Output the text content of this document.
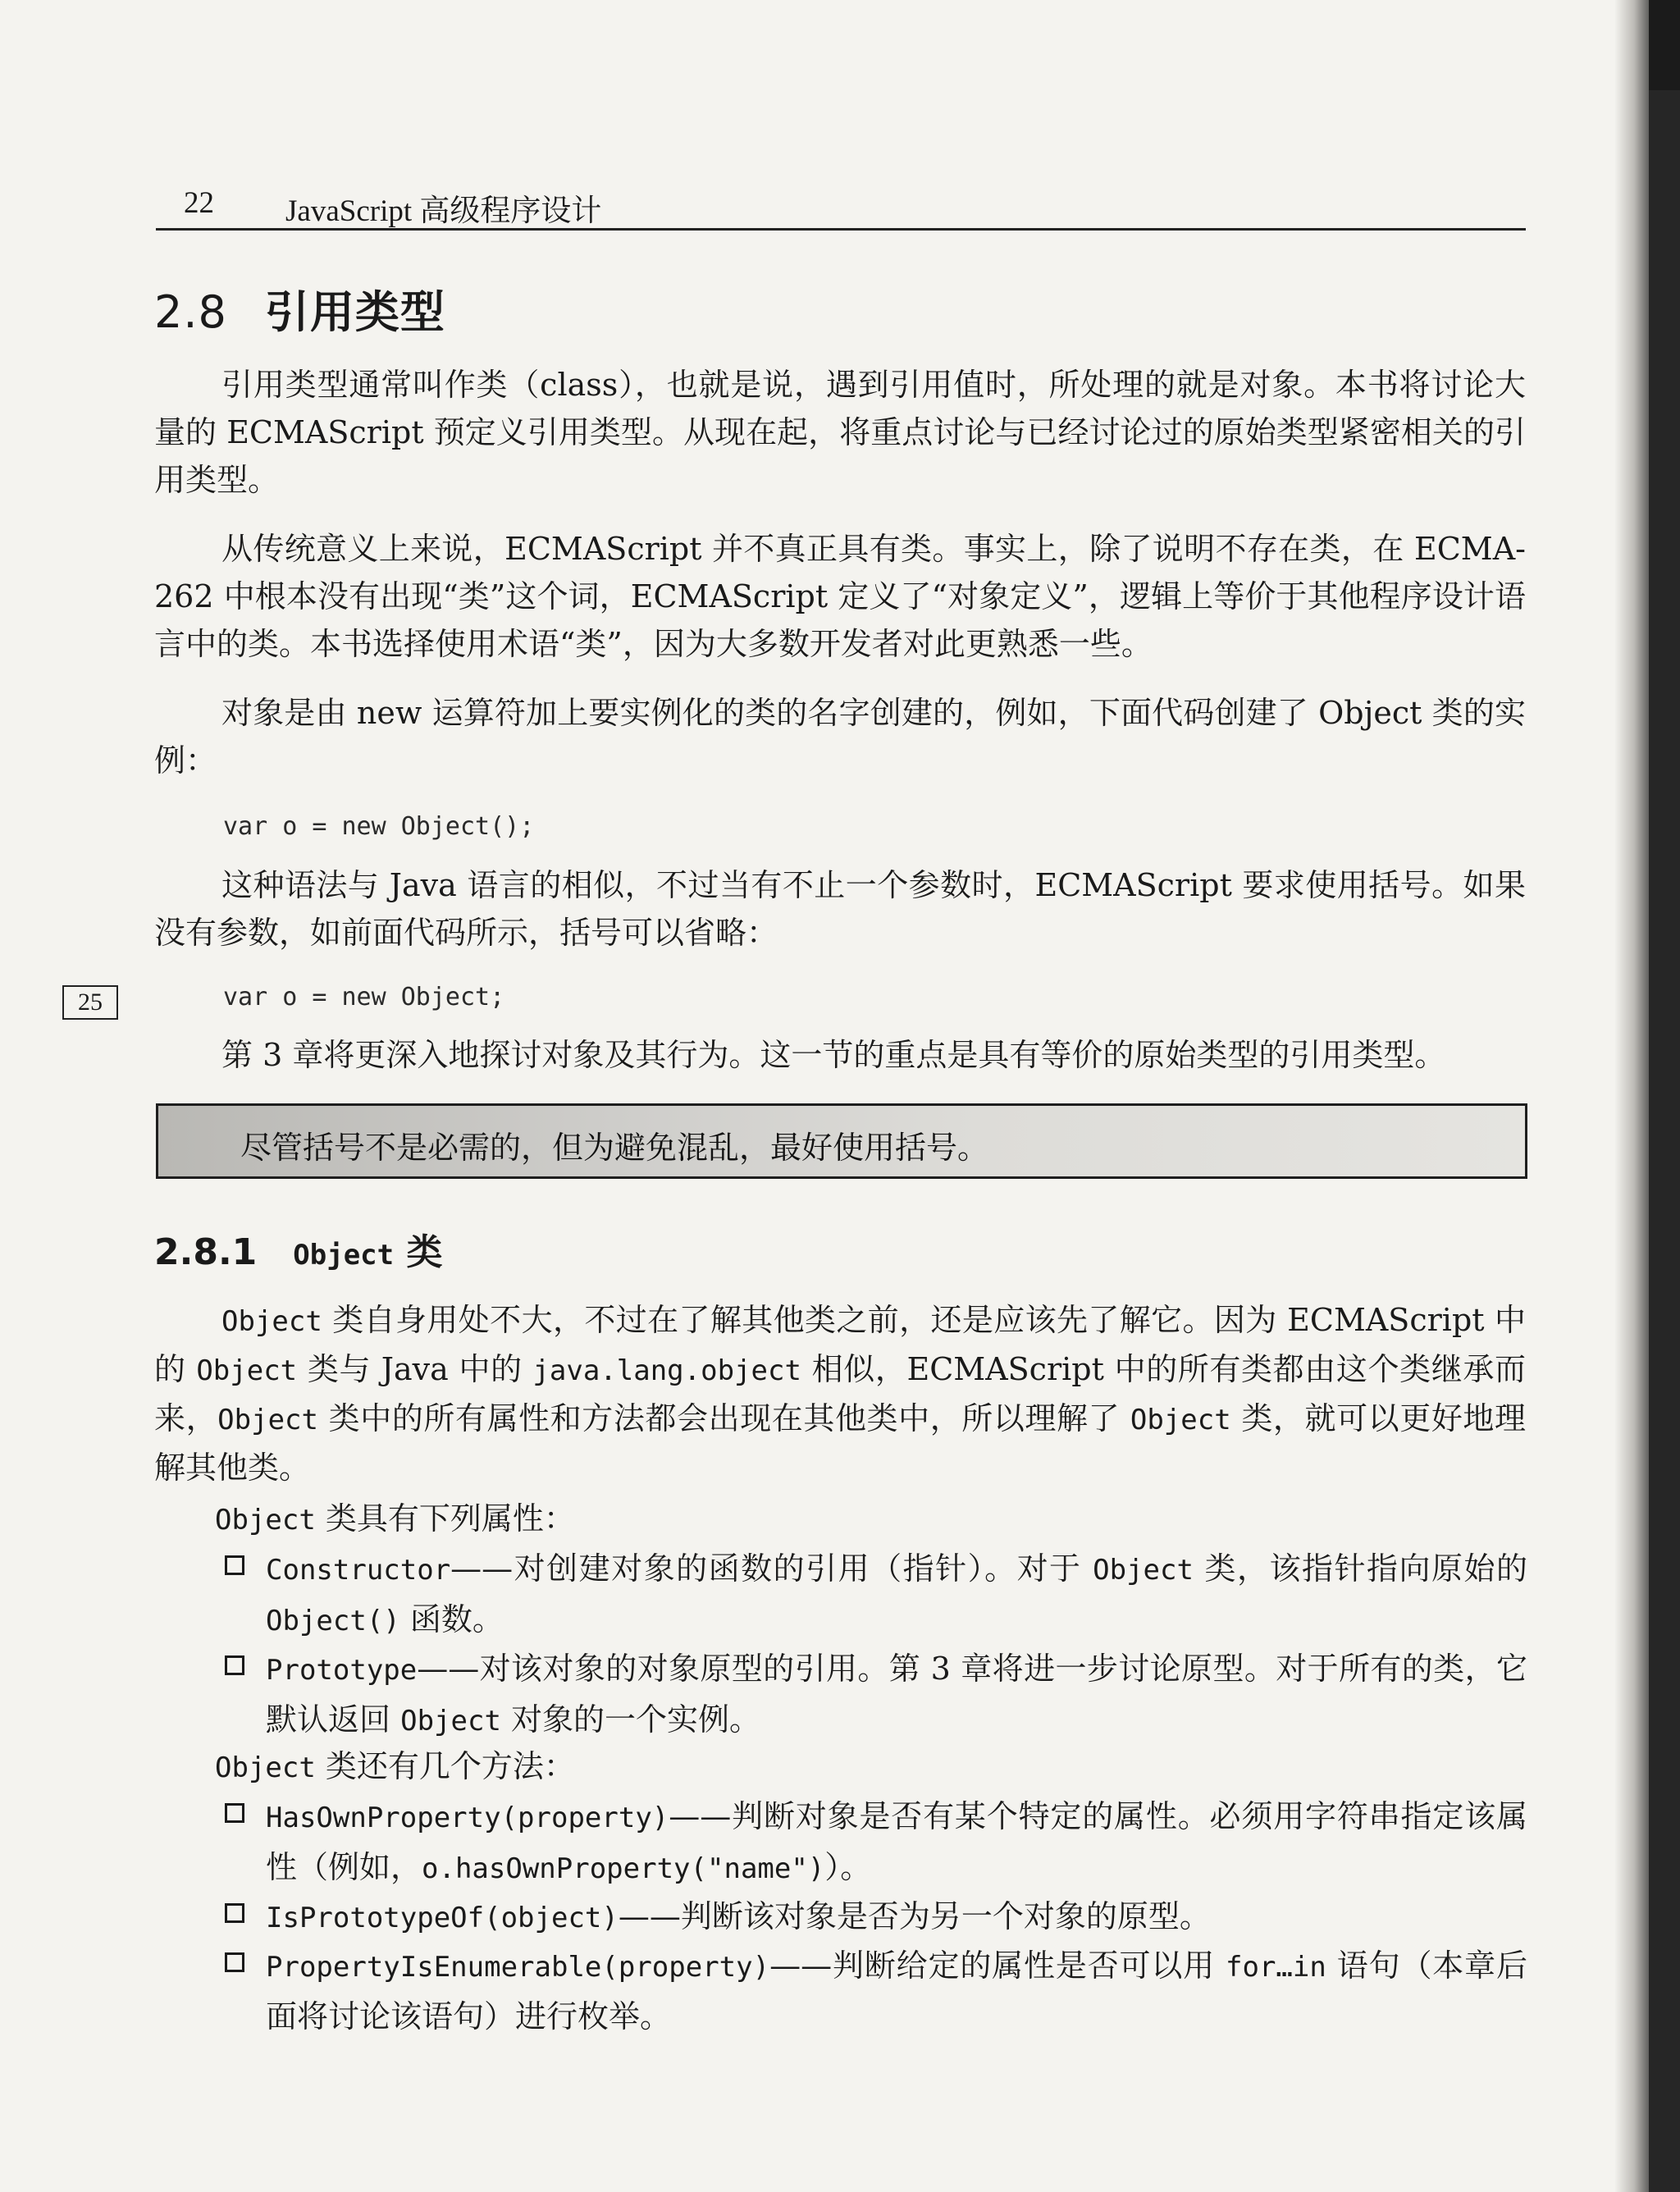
22 JavaScript 高级程序设计
2.8 引用类型

引用类型通常叫作类（class），也就是说，遇到引用值时，所处理的就是对象。本书将讨论大量的 ECMAScript 预定义引用类型。从现在起，将重点讨论与已经讨论过的原始类型紧密相关的引用类型。

从传统意义上来说，ECMAScript 并不真正具有类。事实上，除了说明不存在类，在 ECMA-262 中根本没有出现“类”这个词，ECMAScript 定义了“对象定义”，逻辑上等价于其他程序设计语言中的类。本书选择使用术语“类”，因为大多数开发者对此更熟悉一些。

对象是由 new 运算符加上要实例化的类的名字创建的，例如，下面代码创建了 Object 类的实例：

var o = new Object();

这种语法与 Java 语言的相似，不过当有不止一个参数时，ECMAScript 要求使用括号。如果没有参数，如前面代码所示，括号可以省略：

25	var o = new Object;

第 3 章将更深入地探讨对象及其行为。这一节的重点是具有等价的原始类型的引用类型。

尽管括号不是必需的，但为避免混乱，最好使用括号。
2.8.1 Object 类

Object 类自身用处不大，不过在了解其他类之前，还是应该先了解它。因为 ECMAScript 中的 Object 类与 Java 中的 java.lang.object 相似，ECMAScript 中的所有类都由这个类继承而来，Object 类中的所有属性和方法都会出现在其他类中，所以理解了 Object 类，就可以更好地理解其他类。

Object 类具有下列属性：

Constructor——对创建对象的函数的引用（指针）。对于 Object 类，该指针指向原始的 Object() 函数。
Prototype——对该对象的对象原型的引用。第 3 章将进一步讨论原型。对于所有的类，它默认返回 Object 对象的一个实例。

Object 类还有几个方法：

HasOwnProperty(property)——判断对象是否有某个特定的属性。必须用字符串指定该属性（例如，o.hasOwnProperty("name")）。
IsPrototypeOf(object)——判断该对象是否为另一个对象的原型。
PropertyIsEnumerable(property)——判断给定的属性是否可以用 for…in 语句（本章后面将讨论该语句）进行枚举。
